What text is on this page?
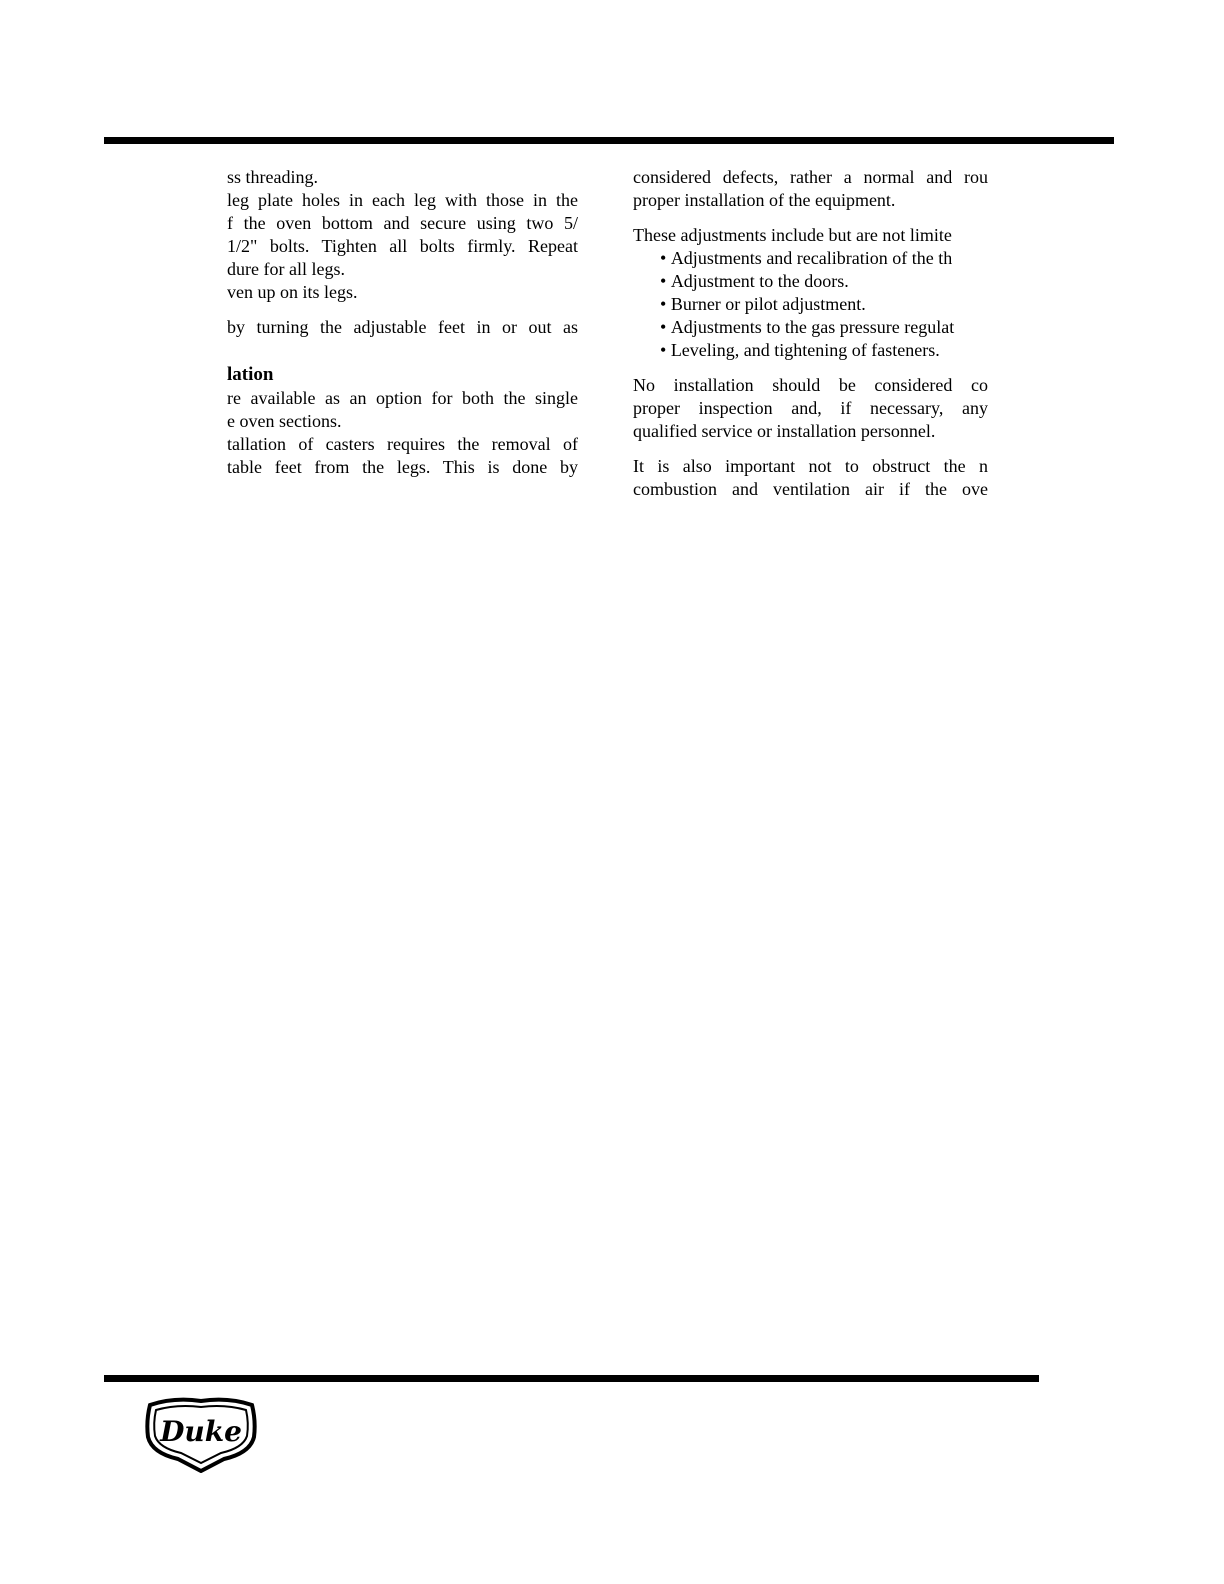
ss threading.
leg plate holes in each leg with those in the
f the oven bottom and secure using two 5/
1/2" bolts. Tighten all bolts firmly. Repeat
dure for all legs.
ven up on its legs.
by turning the adjustable feet in or out as
lation
re available as an option for both the single
e oven sections.
tallation of casters requires the removal of
table feet from the legs. This is done by
considered defects, rather a normal and rou
proper installation of the equipment.
These adjustments include but are not limite
• Adjustments and recalibration of the th
• Adjustment to the doors.
• Burner or pilot adjustment.
• Adjustments to the gas pressure regulat
• Leveling, and tightening of fasteners.
No installation should be considered co
proper inspection and, if necessary, any
qualified service or installation personnel.
It is also important not to obstruct the n
combustion and ventilation air if the ove
Duke
